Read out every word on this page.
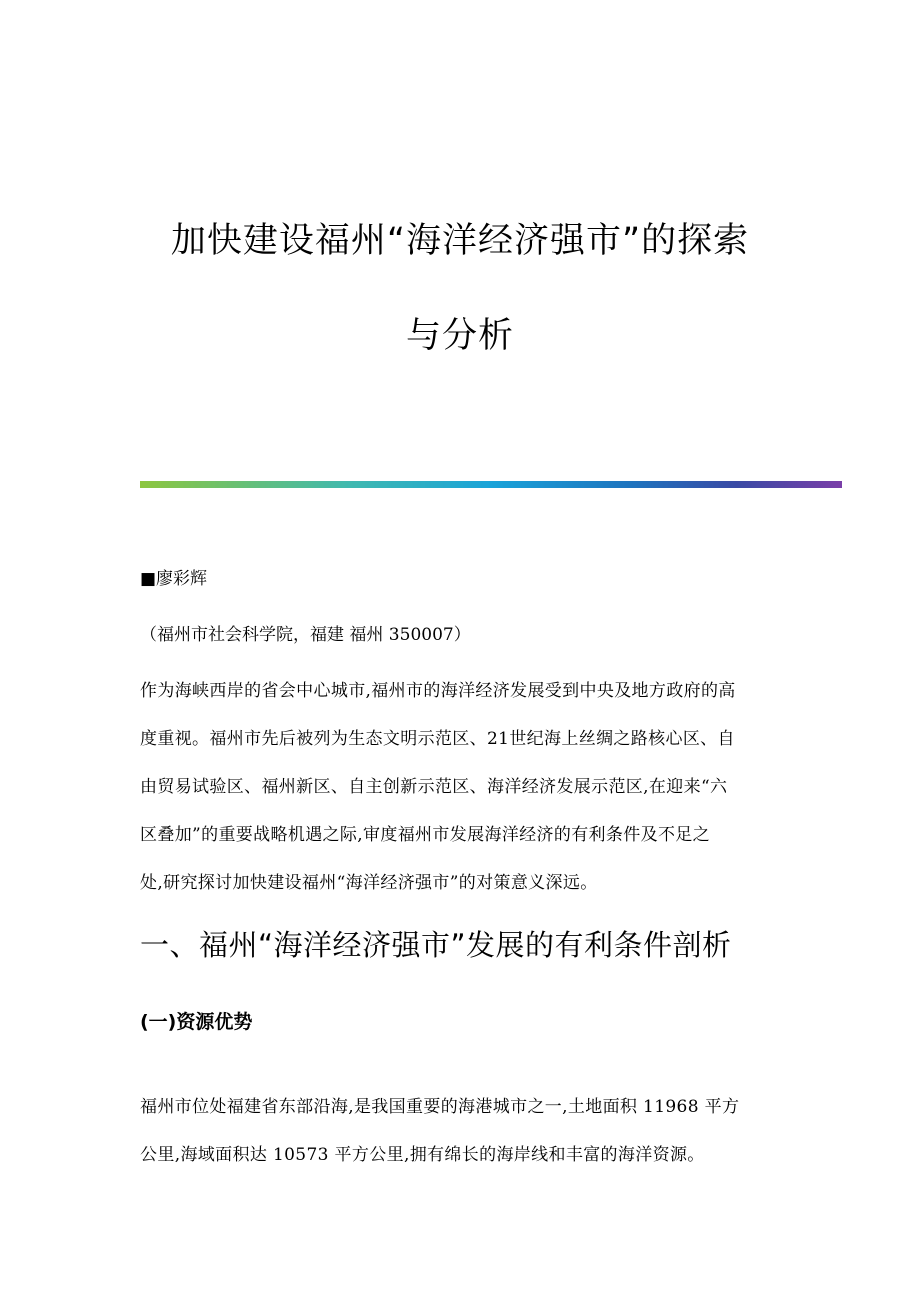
加快建设福州“海洋经济强市”的探索
与分析
■廖彩辉
（福州市社会科学院，福建 福州 350007）
作为海峡西岸的省会中心城市,福州市的海洋经济发展受到中央及地方政府的高
度重视。福州市先后被列为生态文明示范区、21世纪海上丝绸之路核心区、自
由贸易试验区、福州新区、自主创新示范区、海洋经济发展示范区,在迎来“六
区叠加”的重要战略机遇之际,审度福州市发展海洋经济的有利条件及不足之
处,研究探讨加快建设福州“海洋经济强市”的对策意义深远。
一、福州“海洋经济强市”发展的有利条件剖析
(一)资源优势
福州市位处福建省东部沿海,是我国重要的海港城市之一,土地面积 11968 平方
公里,海域面积达 10573 平方公里,拥有绵长的海岸线和丰富的海洋资源。
